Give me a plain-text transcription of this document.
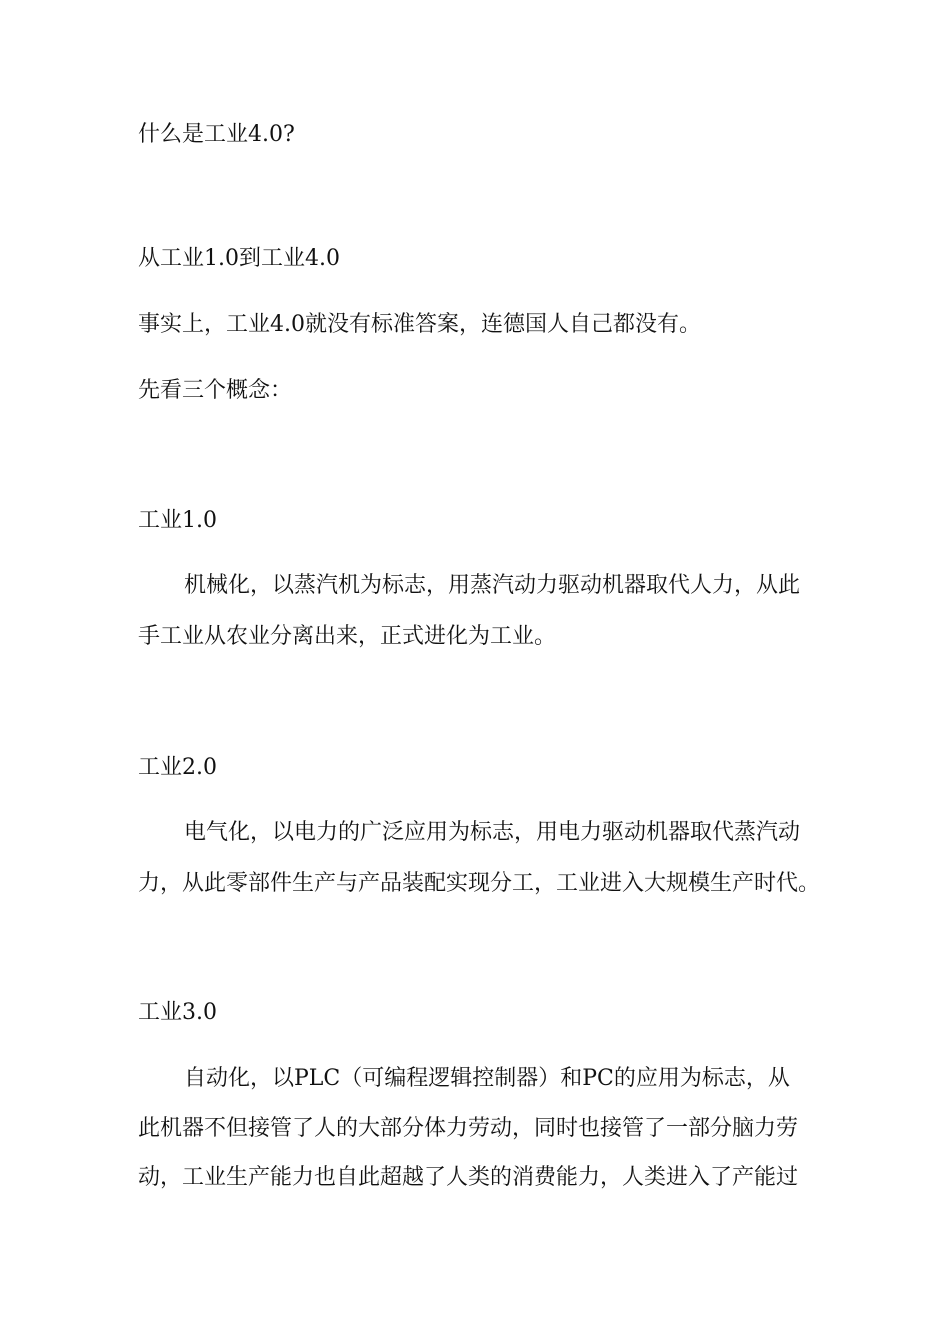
什么是工业4.0?

从工业1.0到工业4.0

事实上，工业4.0就没有标准答案，连德国人自己都没有。

先看三个概念：

工业1.0

机械化，以蒸汽机为标志，用蒸汽动力驱动机器取代人力，从此

手工业从农业分离出来，正式进化为工业。

工业2.0

电气化，以电力的广泛应用为标志，用电力驱动机器取代蒸汽动

力，从此零部件生产与产品装配实现分工，工业进入大规模生产时代。

工业3.0

自动化，以PLC（可编程逻辑控制器）和PC的应用为标志，从

此机器不但接管了人的大部分体力劳动，同时也接管了一部分脑力劳

动，工业生产能力也自此超越了人类的消费能力，人类进入了产能过
